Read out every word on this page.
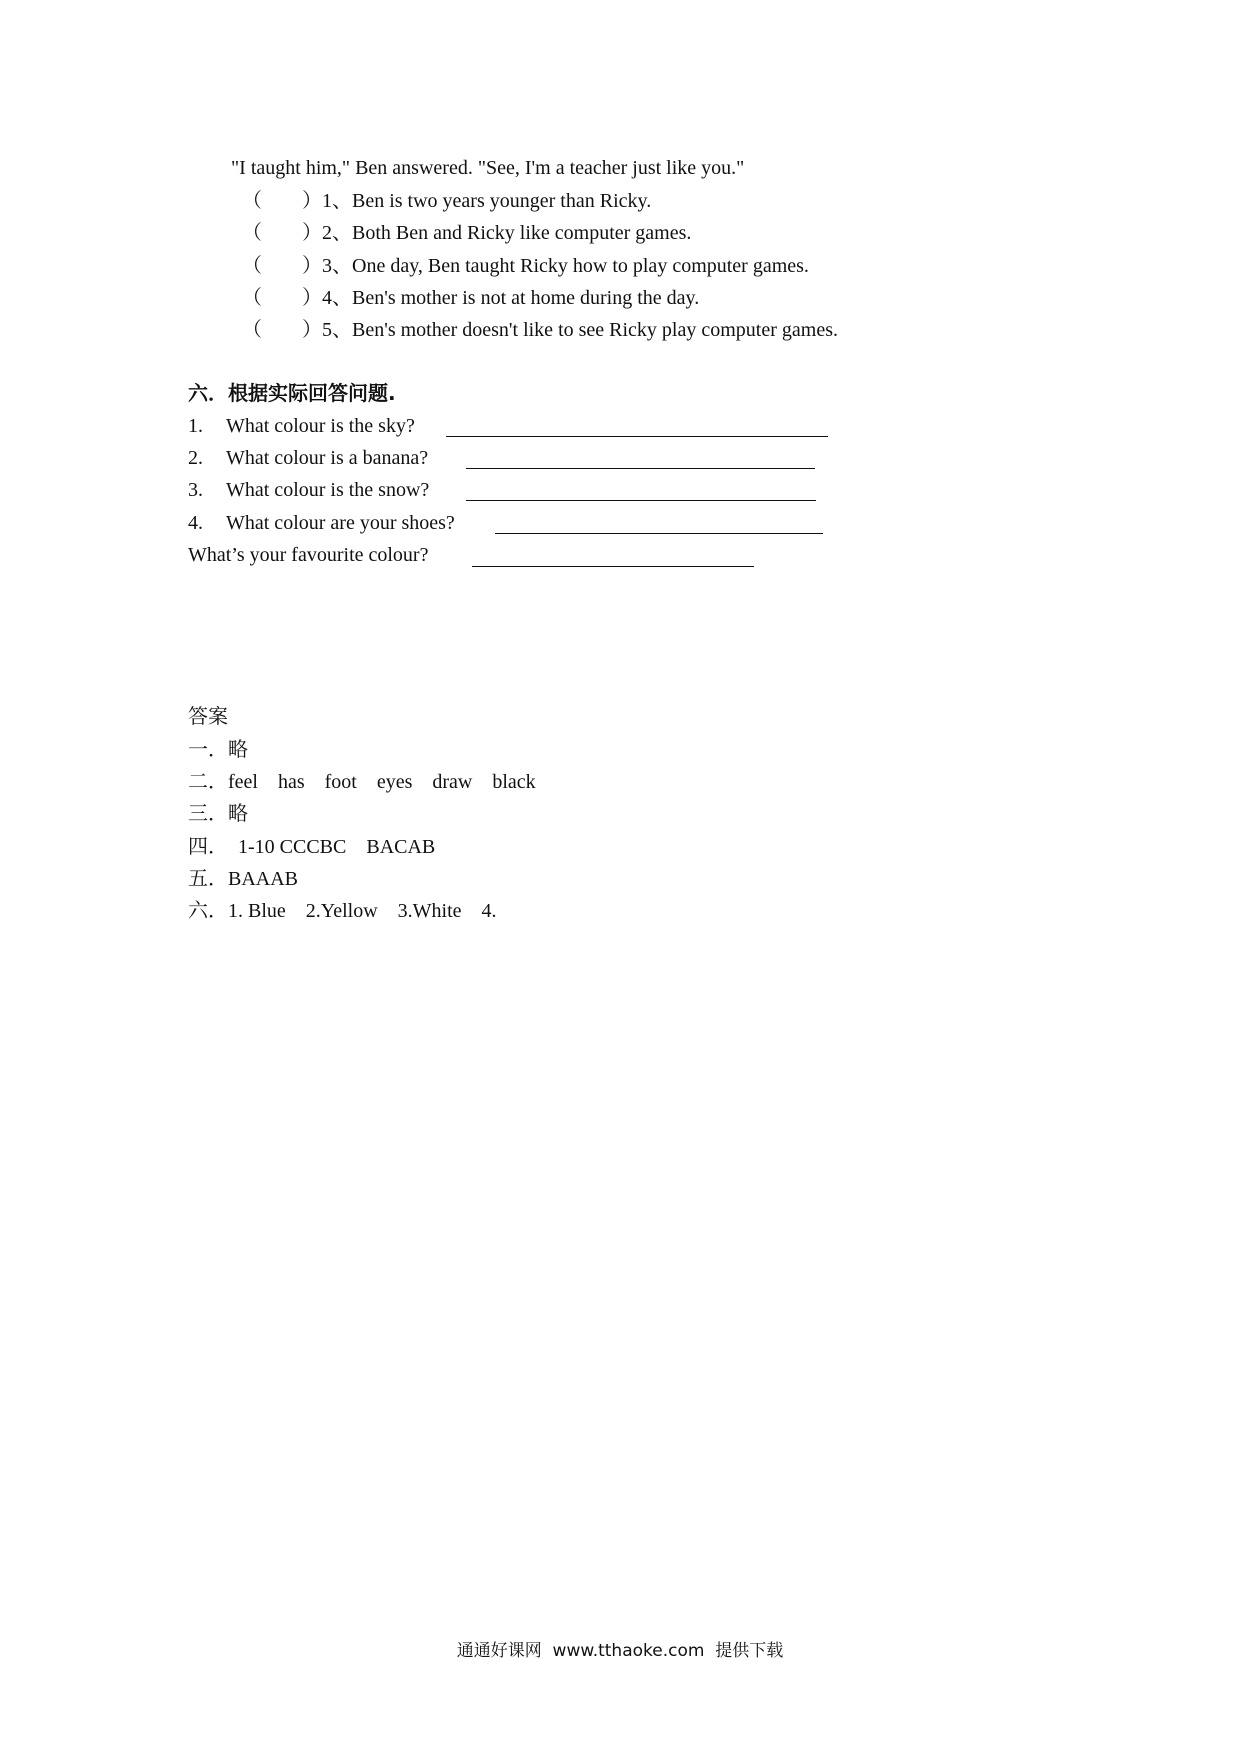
"I taught him," Ben answered. "See, I'm a teacher just like you."
（ ）1、Ben is two years younger than Ricky.
（ ）2、Both Ben and Ricky like computer games.
（ ）3、One day, Ben taught Ricky how to play computer games.
（ ）4、Ben's mother is not at home during the day.
（ ）5、Ben's mother doesn't like to see Ricky play computer games.
六．根据实际回答问题.
1. What colour is the sky?
2. What colour is a banana?
3. What colour is the snow?
4. What colour are your shoes?
What’s your favourite colour?
答案
一．略
二．feel    has    foot    eyes    draw    black
三．略
四．  1-10 CCCBC    BACAB
五．BAAAB
六．1. Blue    2.Yellow    3.White    4.
通通好课网  www.tthaoke.com  提供下载
